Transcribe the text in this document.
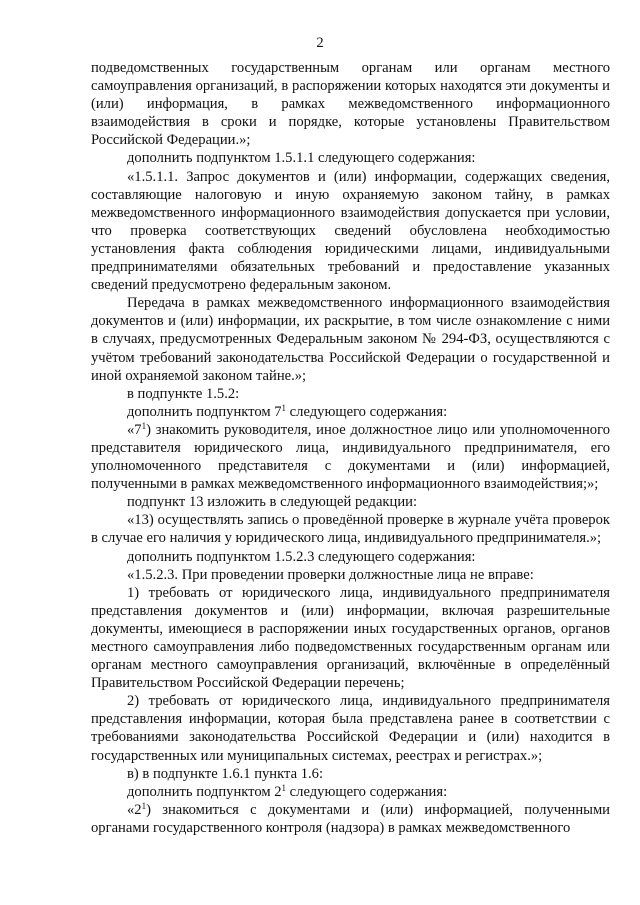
2

подведомственных государственным органам или органам местного самоуправления организаций, в распоряжении которых находятся эти документы и (или) информация, в рамках межведомственного информационного взаимодействия в сроки и порядке, которые установлены Правительством Российской Федерации.»;

дополнить подпунктом 1.5.1.1 следующего содержания:

«1.5.1.1. Запрос документов и (или) информации, содержащих сведения, составляющие налоговую и иную охраняемую законом тайну, в рамках межведомственного информационного взаимодействия допускается при условии, что проверка соответствующих сведений обусловлена необходимостью установления факта соблюдения юридическими лицами, индивидуальными предпринимателями обязательных требований и предоставление указанных сведений предусмотрено федеральным законом.

Передача в рамках межведомственного информационного взаимодействия документов и (или) информации, их раскрытие, в том числе ознакомление с ними в случаях, предусмотренных Федеральным законом № 294-ФЗ, осуществляются с учётом требований законодательства Российской Федерации о государственной и иной охраняемой законом тайне.»;

в подпункте 1.5.2:

дополнить подпунктом $7^1$ следующего содержания:

«$7^1$) знакомить руководителя, иное должностное лицо или уполномоченного представителя юридического лица, индивидуального предпринимателя, его уполномоченного представителя с документами и (или) информацией, полученными в рамках межведомственного информационного взаимодействия;»;

подпункт 13 изложить в следующей редакции:

«13) осуществлять запись о проведённой проверке в журнале учёта проверок в случае его наличия у юридического лица, индивидуального предпринимателя.»;

дополнить подпунктом 1.5.2.3 следующего содержания:

«1.5.2.3. При проведении проверки должностные лица не вправе:

1) требовать от юридического лица, индивидуального предпринимателя представления документов и (или) информации, включая разрешительные документы, имеющиеся в распоряжении иных государственных органов, органов местного самоуправления либо подведомственных государственным органам или органам местного самоуправления организаций, включённые в определённый Правительством Российской Федерации перечень;

2) требовать от юридического лица, индивидуального предпринимателя представления информации, которая была представлена ранее в соответствии с требованиями законодательства Российской Федерации и (или) находится в государственных или муниципальных системах, реестрах и регистрах.»;

в) в подпункте 1.6.1 пункта 1.6:

дополнить подпунктом $2^1$ следующего содержания:

«$2^1$) знакомиться с документами и (или) информацией, полученными органами государственного контроля (надзора) в рамках межведомственного
